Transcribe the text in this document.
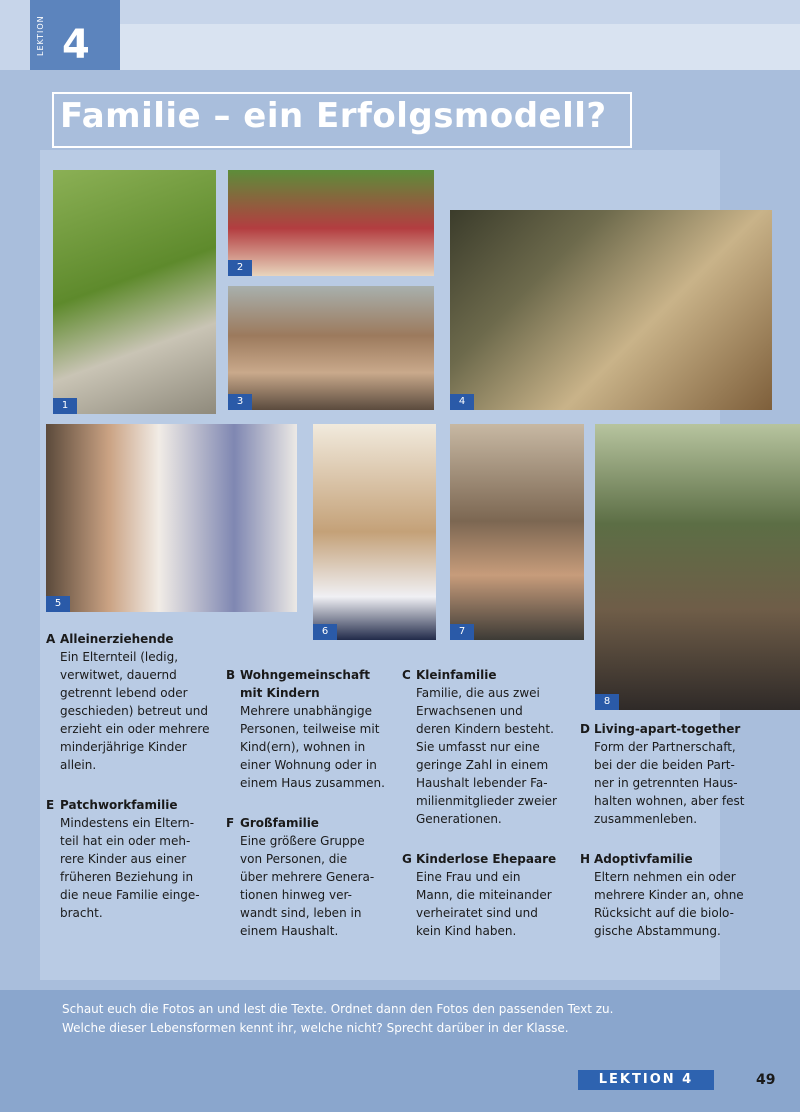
LEKTION 4
Familie – ein Erfolgsmodell?
1
2
3	4
5
6	7
8
A Alleinerziehende
Ein Elternteil (ledig,
verwitwet, dauernd
getrennt lebend oder
geschieden) betreut und
erzieht ein oder mehrere
minderjährige Kinder
allein.
B Wohngemeinschaft
mit Kindern
Mehrere unabhängige
Personen, teilweise mit
Kind(ern), wohnen in
einer Wohnung oder in
einem Haus zusammen.
C Kleinfamilie
Familie, die aus zwei
Erwachsenen und
deren Kindern besteht.
Sie umfasst nur eine
geringe Zahl in einem
Haushalt lebender Fa-
milienmitglieder zweier
Generationen.
D Living-apart-together
Form der Partnerschaft,
bei der die beiden Part-
ner in getrennten Haus-
halten wohnen, aber fest
zusammenleben.
E Patchworkfamilie
Mindestens ein Eltern-
teil hat ein oder meh-
rere Kinder aus einer
früheren Beziehung in
die neue Familie einge-
bracht.
F Großfamilie
Eine größere Gruppe
von Personen, die
über mehrere Genera-
tionen hinweg ver-
wandt sind, leben in
einem Haushalt.
G Kinderlose Ehepaare
Eine Frau und ein
Mann, die miteinander
verheiratet sind und
kein Kind haben.
H Adoptivfamilie
Eltern nehmen ein oder
mehrere Kinder an, ohne
Rücksicht auf die biolo-
gische Abstammung.
Schaut euch die Fotos an und lest die Texte. Ordnet dann den Fotos den passenden Text zu.
Welche dieser Lebensformen kennt ihr, welche nicht? Sprecht darüber in der Klasse.
LEKTION 4	49
